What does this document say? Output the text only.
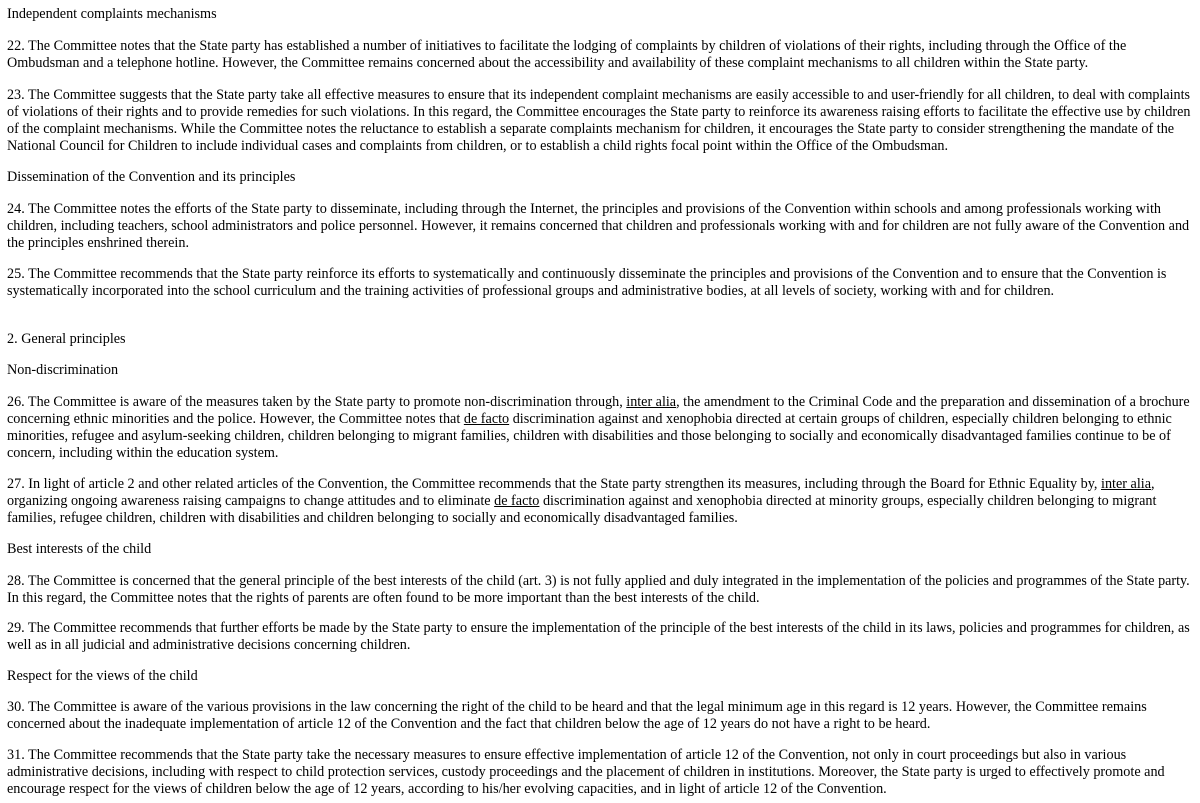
Independent complaints mechanisms

22. The Committee notes that the State party has established a number of initiatives to facilitate the lodging of complaints by children of violations of their rights, including through the Office of the

Ombudsman and a telephone hotline. However, the Committee remains concerned about the accessibility and availability of these complaint mechanisms to all children within the State party.

23. The Committee suggests that the State party take all effective measures to ensure that its independent complaint mechanisms are easily accessible to and user-friendly for all children, to deal with complaints

of violations of their rights and to provide remedies for such violations. In this regard, the Committee encourages the State party to reinforce its awareness raising efforts to facilitate the effective use by children

of the complaint mechanisms. While the Committee notes the reluctance to establish a separate complaints mechanism for children, it encourages the State party to consider strengthening the mandate of the

National Council for Children to include individual cases and complaints from children, or to establish a child rights focal point within the Office of the Ombudsman.

Dissemination of the Convention and its principles

24. The Committee notes the efforts of the State party to disseminate, including through the Internet, the principles and provisions of the Convention within schools and among professionals working with

children, including teachers, school administrators and police personnel. However, it remains concerned that children and professionals working with and for children are not fully aware of the Convention and

the principles enshrined therein.

25. The Committee recommends that the State party reinforce its efforts to systematically and continuously disseminate the principles and provisions of the Convention and to ensure that the Convention is

systematically incorporated into the school curriculum and the training activities of professional groups and administrative bodies, at all levels of society, working with and for children.

2. General principles

Non-discrimination

26. The Committee is aware of the measures taken by the State party to promote non-discrimination through, inter alia, the amendment to the Criminal Code and the preparation and dissemination of a brochure

concerning ethnic minorities and the police. However, the Committee notes that de facto discrimination against and xenophobia directed at certain groups of children, especially children belonging to ethnic

minorities, refugee and asylum-seeking children, children belonging to migrant families, children with disabilities and those belonging to socially and economically disadvantaged families continue to be of

concern, including within the education system.

27. In light of article 2 and other related articles of the Convention, the Committee recommends that the State party strengthen its measures, including through the Board for Ethnic Equality by, inter alia,

organizing ongoing awareness raising campaigns to change attitudes and to eliminate de facto discrimination against and xenophobia directed at minority groups, especially children belonging to migrant

families, refugee children, children with disabilities and children belonging to socially and economically disadvantaged families.

Best interests of the child

28. The Committee is concerned that the general principle of the best interests of the child (art. 3) is not fully applied and duly integrated in the implementation of the policies and programmes of the State party.

In this regard, the Committee notes that the rights of parents are often found to be more important than the best interests of the child.

29. The Committee recommends that further efforts be made by the State party to ensure the implementation of the principle of the best interests of the child in its laws, policies and programmes for children, as

well as in all judicial and administrative decisions concerning children.

Respect for the views of the child

30. The Committee is aware of the various provisions in the law concerning the right of the child to be heard and that the legal minimum age in this regard is 12 years. However, the Committee remains

concerned about the inadequate implementation of article 12 of the Convention and the fact that children below the age of 12 years do not have a right to be heard.

31. The Committee recommends that the State party take the necessary measures to ensure effective implementation of article 12 of the Convention, not only in court proceedings but also in various

administrative decisions, including with respect to child protection services, custody proceedings and the placement of children in institutions. Moreover, the State party is urged to effectively promote and

encourage respect for the views of children below the age of 12 years, according to his/her evolving capacities, and in light of article 12 of the Convention.
